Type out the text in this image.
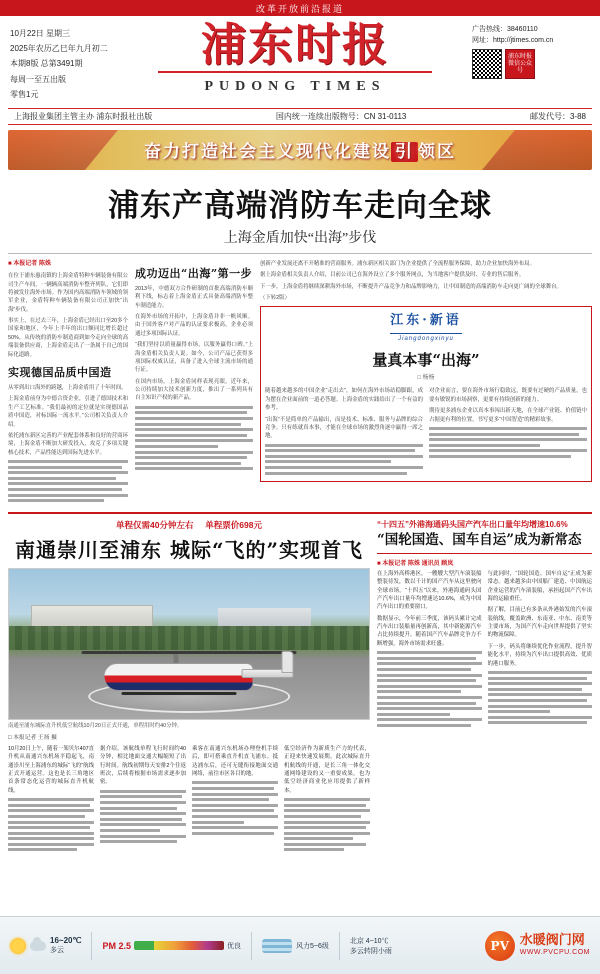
改革开放前沿报道
10月22日 星期三
2025年农历乙巳年九月初二
本期8版 总第3491期
每周一至五出版
零售1元
浦东时报
PUDONG TIMES
广告热线：38460110
网址：http://jtimes.com.cn
浦东时报 微信公众号
上海报业集团主管主办 浦东时报社出版	国内统一连续出版物号：CN 31-0113	邮发代号：3-88
奋力打造社会主义现代化建设 引 领区
浦东产高端消防车走向全球
上海金盾加快“出海”步伐
■ 本报记者 陈姝

在位于浦东惠南镇的上海金盾特种车辆装备有限公司生产车间，一辆辆高端消防车整齐列队，它们即将被发往海外市场。作为国内高端消防车领域的领军企业，金盾特种车辆装备有限公司正加快“出海”步伐。

事实上，在过去三年，上海金盾已经出口至20多个国家和地区，今年上半年的出口额同比增长超过50%。从传统的消防车制造商到如今走向全球的高端装备供应商，上海金盾走出了一条属于自己的国际化道路。

实现德国品质中国造

从零到出口海外的跨越，上海金盾用了十年时间。

上海金盾前身为中德合资企业，引进了德国技术和生产工艺标准。“我们最初的定位就是实现德国品质中国造，对标国际一流水平。”公司相关负责人介绍。

依托浦东新区完善的产业配套体系和良好的营商环境，上海金盾不断加大研发投入，攻克了多项关键核心技术，产品性能达到国际先进水平。

成功迈出“出海”第一步

2013年，中德双方合作研制的首批高端消防车顺利下线，标志着上海金盾正式具备高端消防车整车制造能力。

在海外市场的开拓中，上海金盾并非一帆风顺。由于国外客户对产品的认证要求极高，企业必须通过多项国际认证。

“我们坚持以质量赢得市场，以服务赢得口碑。”上海金盾相关负责人说。如今，公司产品已获得多项国际权威认证，具备了进入全球主流市场的通行证。

在国内市场，上海金盾同样表现亮眼。近年来，公司持续加大技术创新力度，推出了一系列具有自主知识产权的新产品。

创新产业发展还离不开精准的营商服务。浦东新区相关部门为企业提供了全流程服务保障，助力企业加快海外布局。

据上海金盾相关负责人介绍，目前公司已在海外设立了多个服务网点，为当地客户提供及时、专业的售后服务。

下一步，上海金盾将继续深耕海外市场，不断提升产品竞争力和品牌影响力，让中国制造的高端消防车走向更广阔的全球舞台。

（下转2版）

江东·新语
Jiangdongxinyu
量真本事“出海”
□ 杨杨

随着越来越多的中国企业“走出去”，如何在海外市场站稳脚跟，成为摆在企业面前的一道必答题。上海金盾的实践给出了一个有益的参考。

“出海”不是简单的产品输出，而是技术、标准、服务与品牌的综合竞争。只有练就真本事，才能在全球市场的激烈角逐中赢得一席之地。

对企业而言，要在海外市场行稳致远，既要有过硬的产品质量，也要有敏锐的市场洞察，更要有持续创新的能力。

期待更多浦东企业以真本事闯出新天地，在全球产业链、价值链中占据更有利的位置，书写更多“中国智造”的精彩故事。

单程仅需40分钟左右 单程票价698元
南通崇川至浦东 城际“飞的”实现首飞
南通至浦东城际直升机低空航线10月20日正式开通，单程用时约40分钟。
□ 本报记者 王扬 摄

10月20日上午，随着一架贝尔407直升机从南通兴东机场平稳起飞，南通崇川至上海浦东的城际“飞的”航线正式开通运营。这也是长三角地区首条常态化运营的城际直升机航线。

据介绍，该航线单程飞行时间约40分钟，相比地面交通大幅缩短了出行时间。航线初期每天安排2个往返班次，后续将根据市场需求逐步加密。

乘客在南通兴东机场办理登机手续后，即可搭乘直升机直飞浦东。抵达浦东后，还可无缝衔接地面交通网络，前往市区各目的地。

低空经济作为新质生产力的代表，正迎来快速发展期。此次城际直升机航线的开通，是长三角一体化交通网络建设的又一重要成果，也为低空经济商业化应用提供了新样本。

“十四五”外港海通码头国产汽车出口量年均增速10.6%
“国轮国造、国车自运”成为新常态
■ 本报记者 陈姝 通讯员 顾岚

在上海外高桥港区，一艘艘大型汽车滚装船整装待发，数以千计的国产汽车从这里驶向全球市场。“十四五”以来，外港海通码头国产汽车出口量年均增速达10.6%，成为中国汽车出口的重要窗口。

数据显示，今年前三季度，该码头累计完成汽车出口装船量再创新高，其中新能源汽车占比持续提升。随着国产汽车品牌竞争力不断增强，海外市场需求旺盛。

与此同时，“国轮国造、国车自运”正成为新常态。越来越多由中国船厂建造、中国航运企业运营的汽车滚装船，承担起国产汽车出海的运输重任。

据了解，目前已有多条从外港始发的汽车滚装航线，覆盖欧洲、东南亚、中东、南美等主要市场，为国产汽车走向世界提供了坚实的物流保障。

下一步，码头将继续优化作业流程，提升智能化水平，持续为汽车出口提供高效、优质的港口服务。

16~20℃
多云	PM 2.5	优良	风力5~6级
北京 4~10℃
多云转阴小雨	PV 水暖阀门网
WWW.PVCPU.COM
